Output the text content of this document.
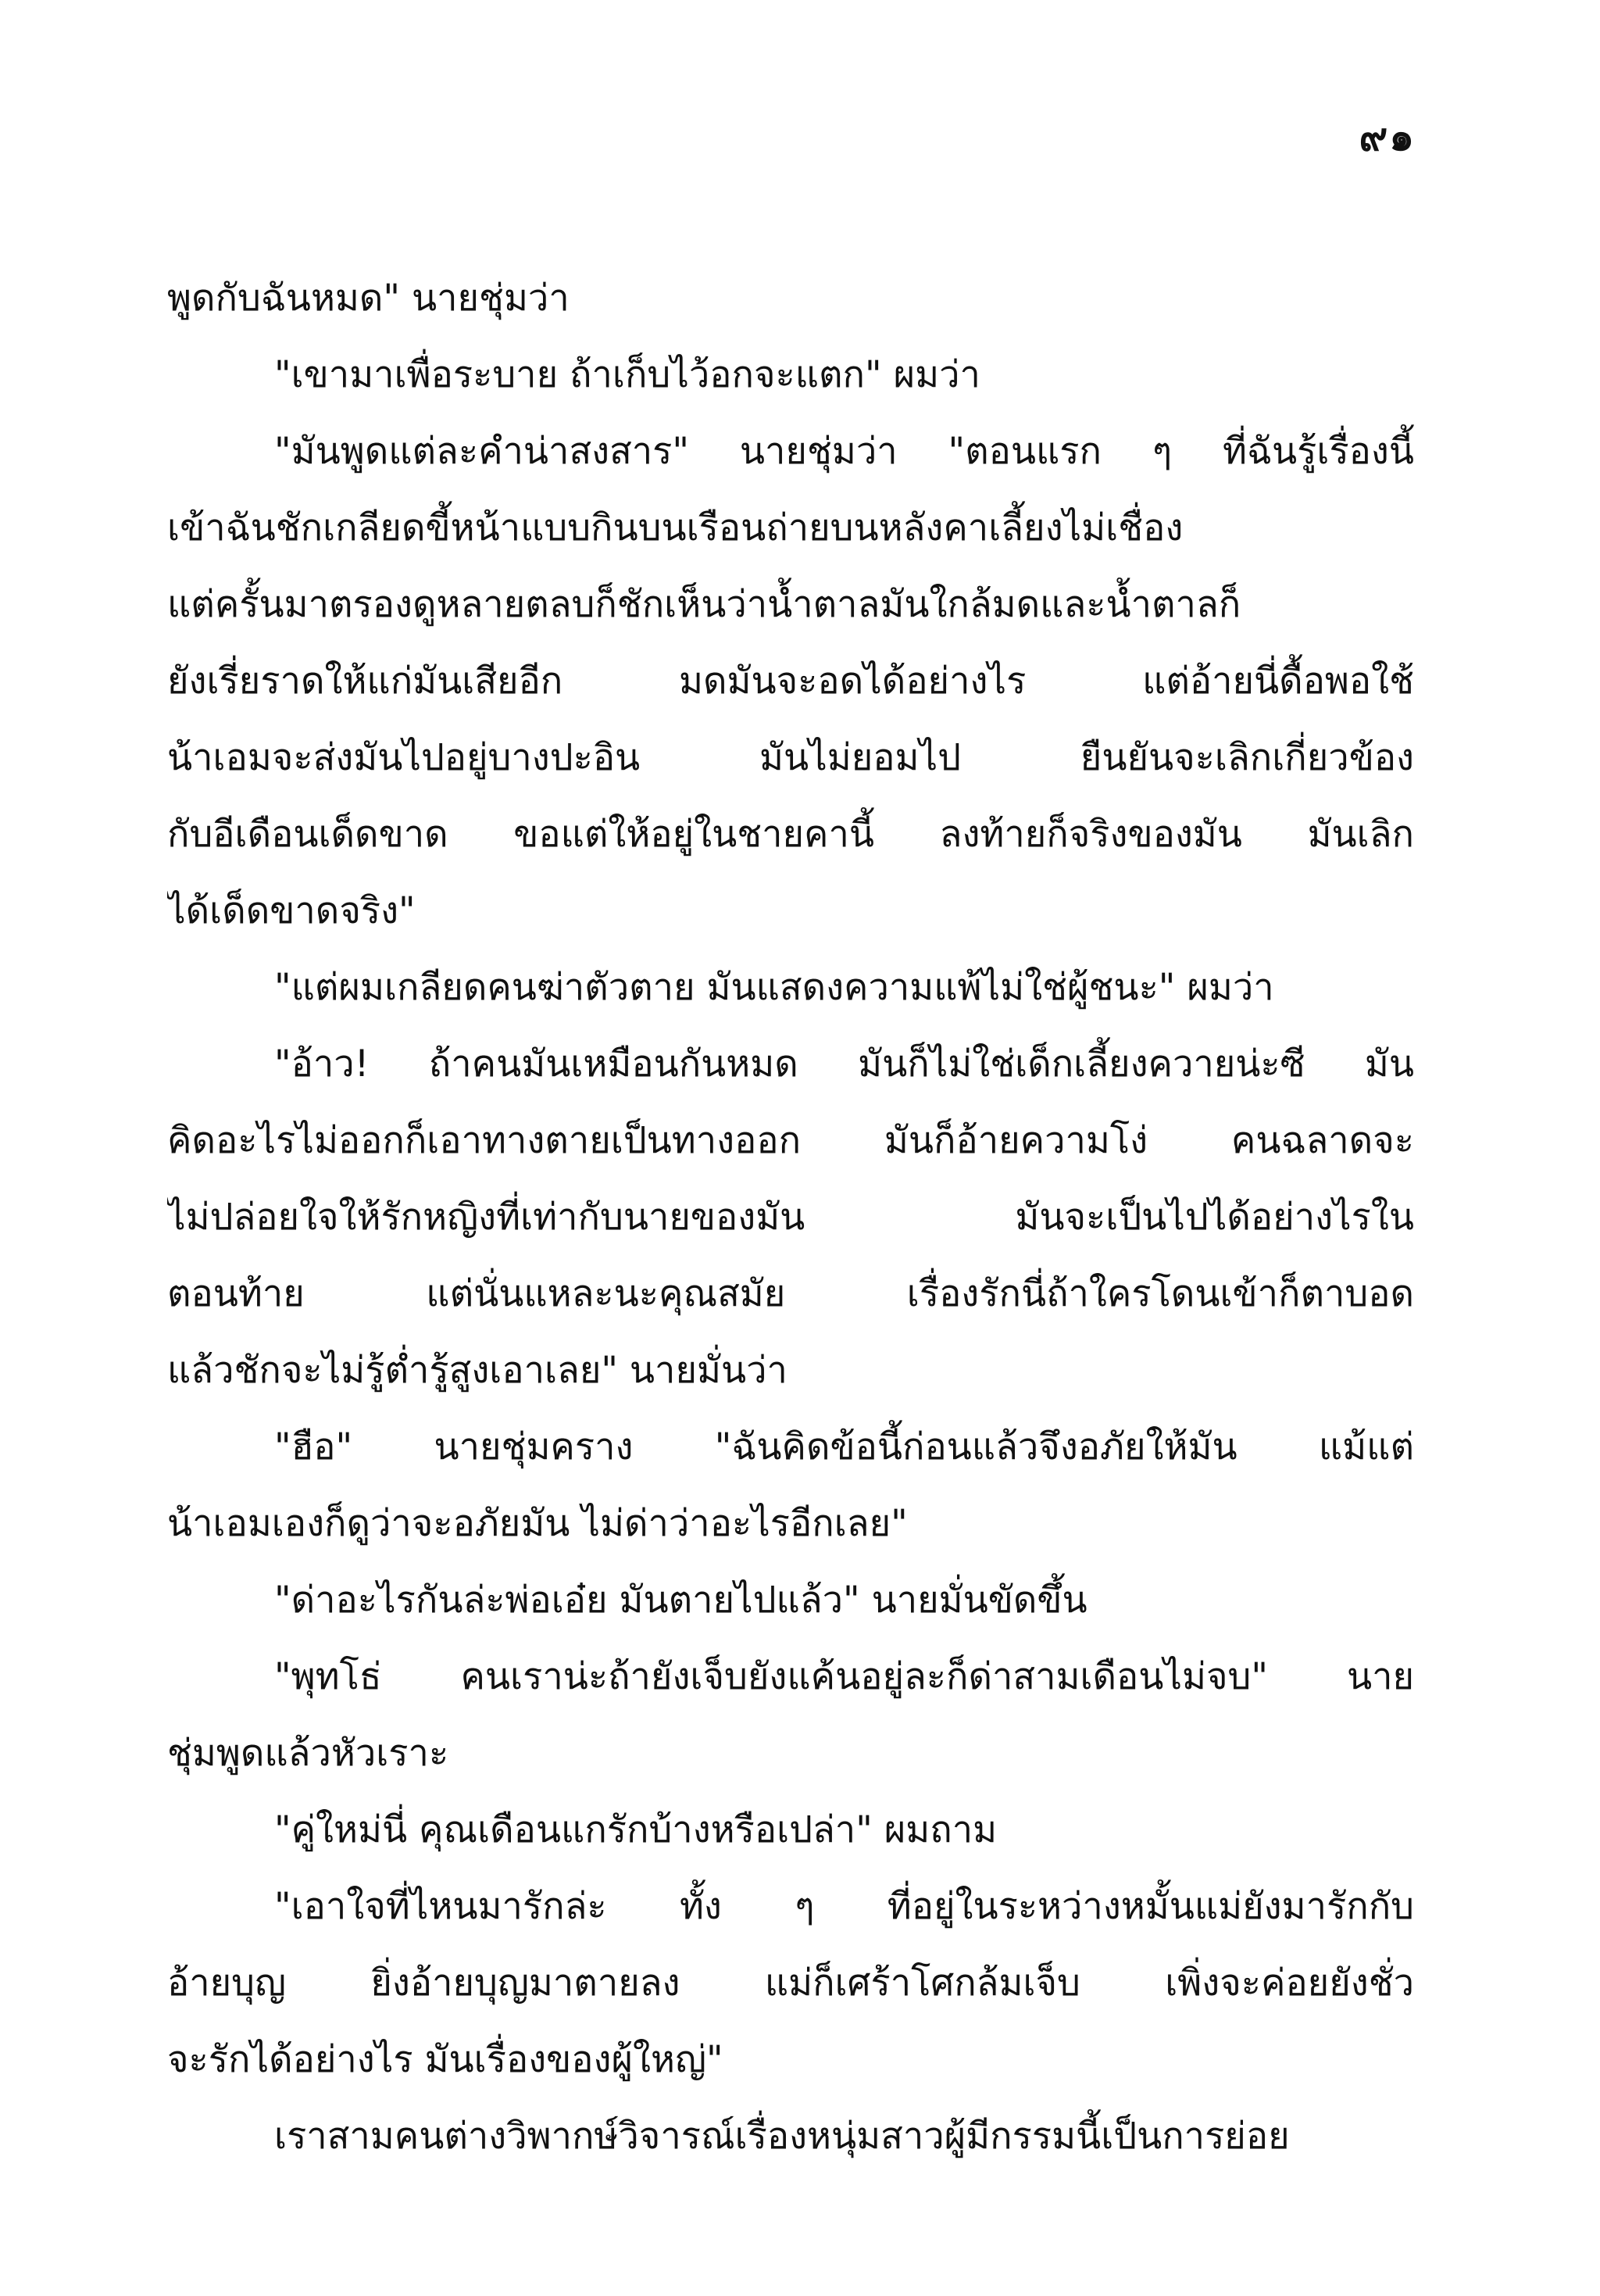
๙๑
พูดกับฉันหมด" นายชุ่มว่า
"เขามาเพื่อระบาย ถ้าเก็บไว้อกจะแตก" ผมว่า
"มันพูดแต่ละคำน่าสงสาร" นายชุ่มว่า "ตอนแรก ๆ ที่ฉันรู้เรื่องนี้
เข้าฉันชักเกลียดขี้หน้าแบบกินบนเรือนถ่ายบนหลังคาเลี้ยงไม่เชื่อง
แต่ครั้นมาตรองดูหลายตลบก็ชักเห็นว่าน้ำตาลมันใกล้มดและน้ำตาลก็
ยังเรี่ยราดให้แก่มันเสียอีก มดมันจะอดได้อย่างไร แต่อ้ายนี่ดื้อพอใช้
น้าเอมจะส่งมันไปอยู่บางปะอิน มันไม่ยอมไป ยืนยันจะเลิกเกี่ยวข้อง
กับอีเดือนเด็ดขาด ขอแต่ให้อยู่ในชายคานี้ ลงท้ายก็จริงของมัน มันเลิก
ได้เด็ดขาดจริง"
"แต่ผมเกลียดคนฆ่าตัวตาย มันแสดงความแพ้ไม่ใช่ผู้ชนะ" ผมว่า
"อ้าว! ถ้าคนมันเหมือนกันหมด มันก็ไม่ใช่เด็กเลี้ยงควายน่ะซี มัน
คิดอะไรไม่ออกก็เอาทางตายเป็นทางออก มันก็อ้ายความโง่ คนฉลาดจะ
ไม่ปล่อยใจให้รักหญิงที่เท่ากับนายของมัน มันจะเป็นไปได้อย่างไรใน
ตอนท้าย แต่นั่นแหละนะคุณสมัย เรื่องรักนี่ถ้าใครโดนเข้าก็ตาบอด
แล้วชักจะไม่รู้ต่ำรู้สูงเอาเลย" นายมั่นว่า
"ฮือ" นายชุ่มคราง "ฉันคิดข้อนี้ก่อนแล้วจึงอภัยให้มัน แม้แต่
น้าเอมเองก็ดูว่าจะอภัยมัน ไม่ด่าว่าอะไรอีกเลย"
"ด่าอะไรกันล่ะพ่อเอ๋ย มันตายไปแล้ว" นายมั่นขัดขึ้น
"พุทโธ่ คนเราน่ะถ้ายังเจ็บยังแค้นอยู่ละก็ด่าสามเดือนไม่จบ" นาย
ชุ่มพูดแล้วหัวเราะ
"คู่ใหม่นี่ คุณเดือนแกรักบ้างหรือเปล่า" ผมถาม
"เอาใจที่ไหนมารักล่ะ ทั้ง ๆ ที่อยู่ในระหว่างหมั้นแม่ยังมารักกับ
อ้ายบุญ ยิ่งอ้ายบุญมาตายลง แม่ก็เศร้าโศกล้มเจ็บ เพิ่งจะค่อยยังชั่ว
จะรักได้อย่างไร มันเรื่องของผู้ใหญ่"
เราสามคนต่างวิพากษ์วิจารณ์เรื่องหนุ่มสาวผู้มีกรรมนี้เป็นการย่อย
